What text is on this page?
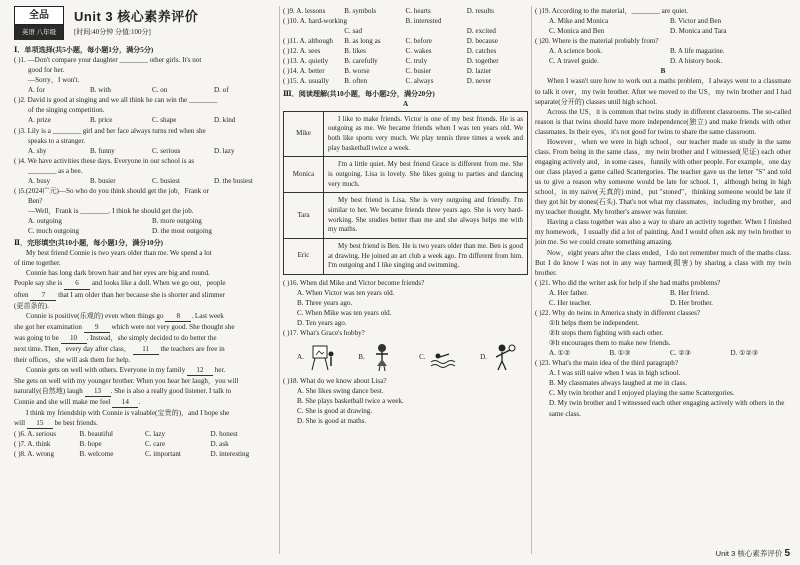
全品
英语 八年级
Unit 3 核心素养评价
[时间:40分钟 分值:100分]
Ⅰ．单项选择(共5小题，每小题1分，满分5分)
( )1. —Don't compare your daughter ________ other girls. It's not
good for her.
—Sorry，I won't.
A. for	B. with	C. on	D. of
( )2. David is good at singing and we all think he can win the ________
of the singing competition.
A. prize	B. price	C. shape	D. kind
( )3. Lily is a ________ girl and her face always turns red when she
speaks to a stranger.
A. shy	B. funny	C. serious	D. lazy
( )4. We have activities these days. Everyone in our school is as
________ as a bee.
A. busy	B. busier	C. busiest	D. the busiest
( )5.(2024广元)—So who do you think should get the job，Frank or
Ben?
—Well，Frank is ________. I think he should get the job.
A. outgoing	B. more outgoing
C. much outgoing	D. the most outgoing
Ⅱ．完形填空(共10小题，每小题1分，满分10分)
My best friend Connie is two years older than me. We spend a lot
of time together.
Connie has long dark brown hair and her eyes are big and round.
People say she is 6 and looks like a doll. When we go out，people
often 7 that I am older than her because she is shorter and slimmer
(更苗条的).
Connie is positive(乐观的) even when things go 8 . Last week
she got her examination 9 which were not very good. She thought she
was going to be 10 . Instead，she simply decided to do better the
next time. Then，every day after class， 11 the teachers are free in
their offices，she will ask them for help.
Connie gets on well with others. Everyone in my family 12 her.
She gets on well with my younger brother. When you hear her laugh，you will
naturally(自然地) laugh 13 . She is also a really good listener. I talk to
Connie and she will make me feel 14 .
I think my friendship with Connie is valuable(宝贵的)，and I hope she
will 15 be best friends.
( )6. A. serious	B. beautiful	C. lazy	D. honest
( )7. A. think	B. hope	C. care	D. ask
( )8. A. wrong	B. welcome	C. important	D. interesting
( )9. A. lessons	B. symbols	C. hearts	D. results
( )10. A. hard-working	B. interested
C. sad	D. excited
( )11. A. although	B. as long as	C. before	D. because
( )12. A. sees	B. likes	C. wakes	D. catches
( )13. A. quietly	B. carefully	C. truly	D. together
( )14. A. better	B. worse	C. busier	D. lazier
( )15. A. usually	B. often	C. always	D. never
Ⅲ．阅读理解(共10小题，每小题2分，满分20分)
A
Mike	I like to make friends. Victor is one of my best friends. He is as outgoing as me. We became friends when I was ten years old. We both like sports very much. We play tennis three times a week and play basketball twice a week.
Monica	I'm a little quiet. My best friend Grace is different from me. She is outgoing. Lisa is lovely. She likes going to parties and dancing very much.
Tara	My best friend is Lisa. She is very outgoing and friendly. I'm similar to her. We became friends three years ago. She is very hard-working. She studies better than me and she always helps me with my maths.
Eric	My best friend is Ben. He is two years older than me. Ben is good at drawing. He joined an art club a week ago. I'm different from him. I'm outgoing and I like singing and swimming.
( )16. When did Mike and Victor become friends?
A. When Victor was ten years old.
B. Three years ago.
C. When Mike was ten years old.
D. Ten years ago.
( )17. What's Grace's hobby?
A.	B.	C.	D.
( )18. What do we know about Lisa?
A. She likes swing dance best.
B. She plays basketball twice a week.
C. She is good at drawing.
D. She is good at maths.
( )19. According to the material，________ are quiet.
A. Mike and Monica	B. Victor and Ben
C. Monica and Ben	D. Monica and Tara
( )20. Where is the material probably from?
A. A science book.	B. A life magazine.
C. A travel guide.	D. A history book.
B
When I wasn't sure how to work out a maths problem，I always went to a classmate to talk it over，my twin brother. After we moved to the US，my twin brother and I had separate(分开的) classes until high school.
Across the US，it is common that twins study in different classrooms. The so-called reason is that twins should have more independence(独立) and make friends with other classmates. In their eyes，it's not good for twins to share the same classroom.
However，when we were in high school，our teacher made us study in the same class. From being in the same class，my twin brother and I witnessed(见证) each other engaging actively and，in some cases，funnily with other people. For example，one day our class played a game called Scattergories. The teacher gave us the letter "S" and told us to give a reason why someone would be late for school. I，although being in high school，in my naive(天真的) mind，put "stoned"，thinking someone would be late if they got hit by stones(石头). That's not what my classmates，including my brother，and my teacher thought. My brother's answer was funnier.
Having a class together was also a way to share an activity together. When I finished my homework，I usually did a lot of painting. And I would often ask my twin brother to join me. So we could create something amazing.
Now，eight years after the class ended，I do not remember much of the maths class. But I do know I was not in any way harmed(损害) by sharing a class with my twin brother.
( )21. Who did the writer ask for help if she had maths problems?
A. Her father.	B. Her friend.
C. Her teacher.	D. Her brother.
( )22. Why do twins in America study in different classes?
①It helps them be independent.
②It stops them fighting with each other.
③It encourages them to make new friends.
A. ①②	B. ①③	C. ②③	D. ①②③
( )23. What's the main idea of the third paragraph?
A. I was still naive when I was in high school.
B. My classmates always laughed at me in class.
C. My twin brother and I enjoyed playing the same Scattergories.
D. My twin brother and I witnessed each other engaging actively with others in the same class.
Unit 3 核心素养评价 5
